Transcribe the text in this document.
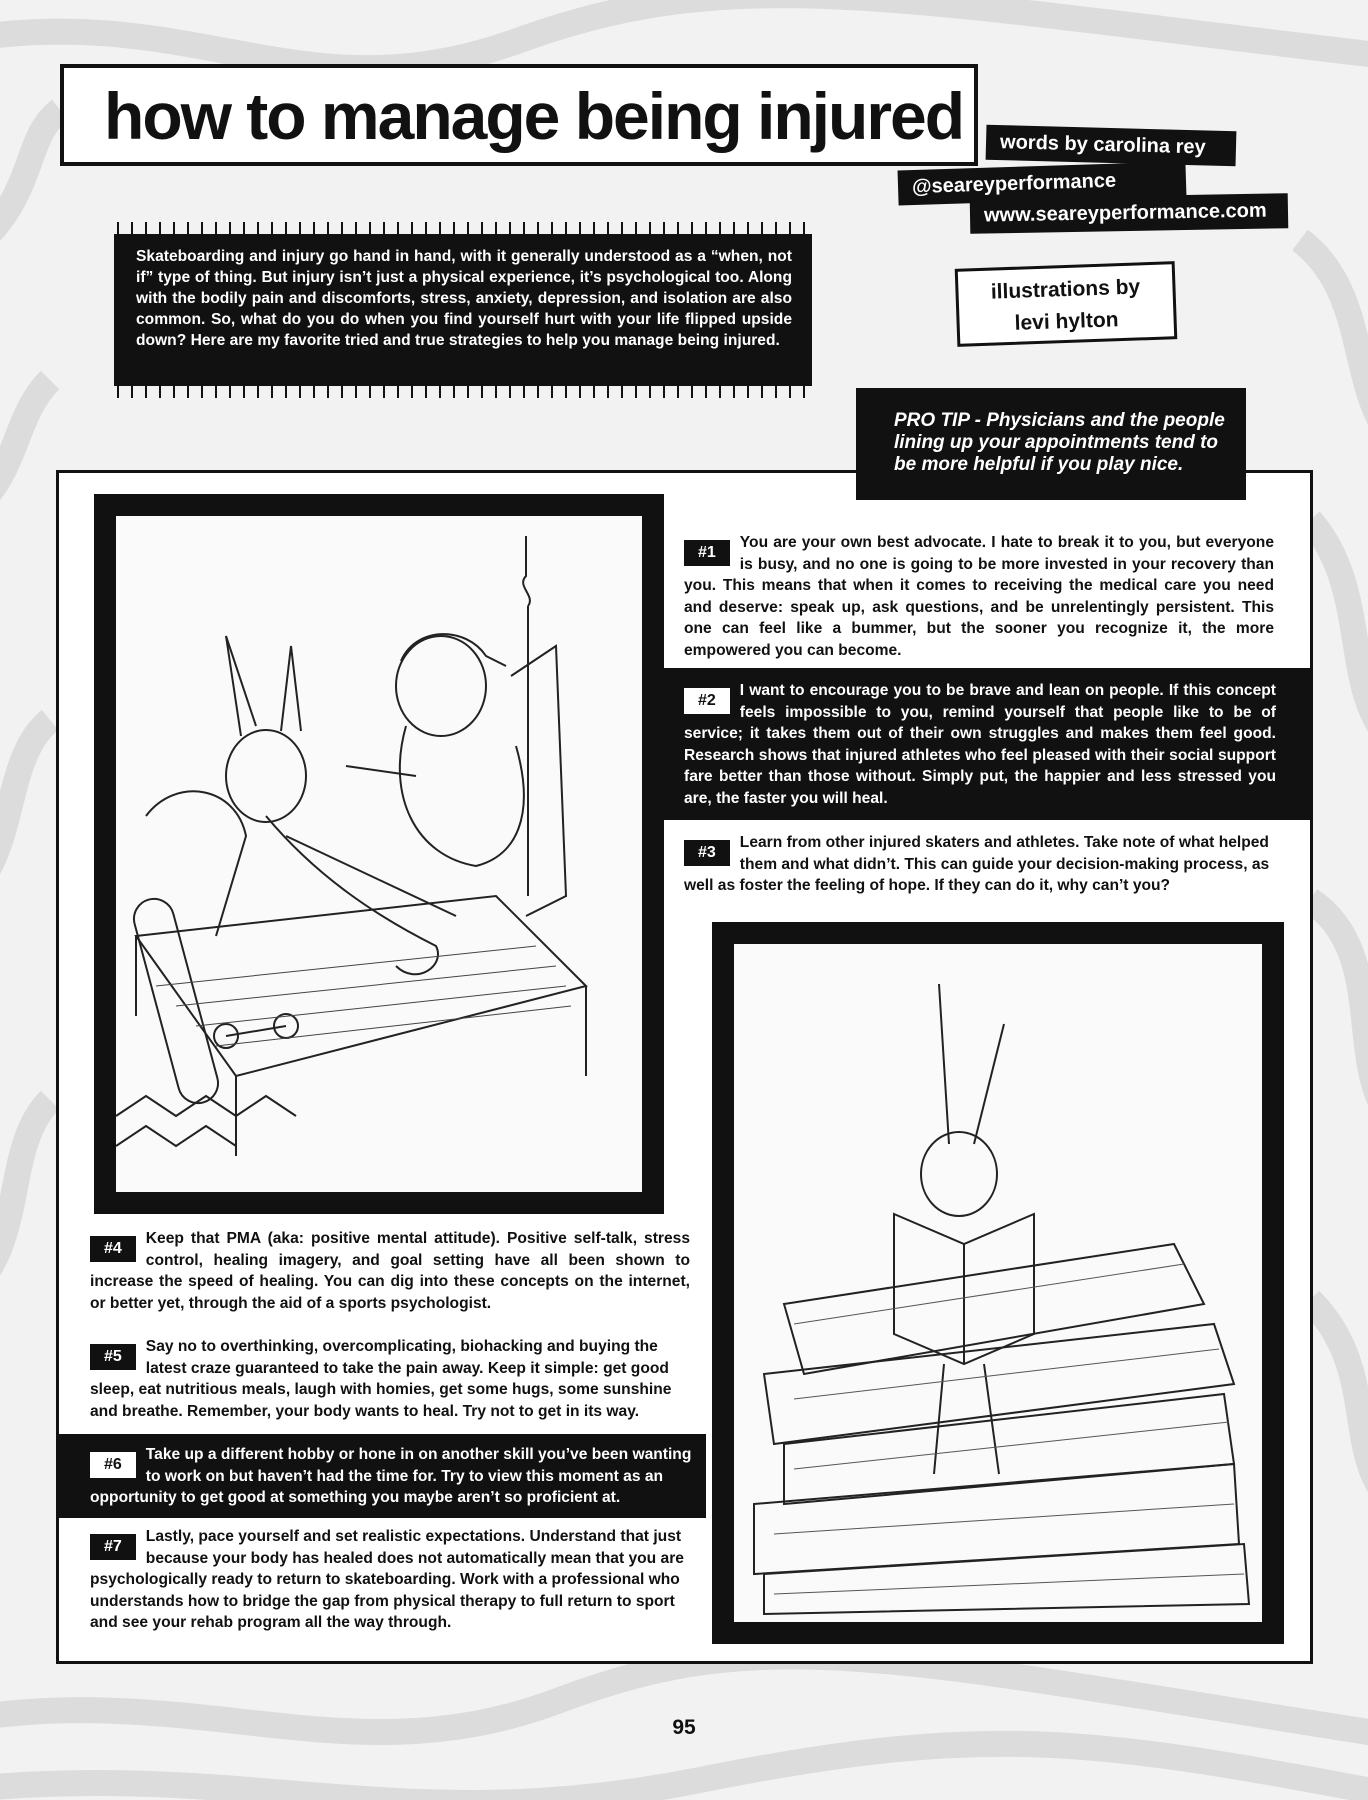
how to manage being injured	words by carolina rey
@seareyperformance
www.seareyperformance.com
illustrations by
levi hylton
Skateboarding and injury go hand in hand, with it generally understood as a “when, not if” type of thing. But injury isn’t just a physical experience, it’s psychological too. Along with the bodily pain and discomforts, stress, anxiety, depression, and isolation are also common. So, what do you do when you find yourself hurt with your life flipped upside down? Here are my favorite tried and true strategies to help you manage being injured.
PRO TIP - Physicians and the people lining up your appointments tend to be more helpful if you play nice.
#1

You are your own best advocate. I hate to break it to you, but everyone is busy, and no one is going to be more invested in your recovery than you. This means that when it comes to receiving the medical care you need and deserve: speak up, ask questions, and be unrelentingly persistent. This one can feel like a bummer, but the sooner you recognize it, the more empowered you can become.

#2

I want to encourage you to be brave and lean on people. If this concept feels impossible to you, remind yourself that people like to be of service; it takes them out of their own struggles and makes them feel good. Research shows that injured athletes who feel pleased with their social support fare better than those without. Simply put, the happier and less stressed you are, the faster you will heal.

#3

Learn from other injured skaters and athletes. Take note of what helped them and what didn’t. This can guide your decision-making process, as well as foster the feeling of hope. If they can do it, why can’t you?

#4

Keep that PMA (aka: positive mental attitude). Positive self-talk, stress control, healing imagery, and goal setting have all been shown to increase the speed of healing. You can dig into these concepts on the internet, or better yet, through the aid of a sports psychologist.

#5

Say no to overthinking, overcomplicating, biohacking and buying the latest craze guaranteed to take the pain away. Keep it simple: get good sleep, eat nutritious meals, laugh with homies, get some hugs, some sunshine and breathe. Remember, your body wants to heal. Try not to get in its way.

#6

Take up a different hobby or hone in on another skill you’ve been wanting to work on but haven’t had the time for. Try to view this moment as an opportunity to get good at something you maybe aren’t so proficient at.

#7

Lastly, pace yourself and set realistic expectations. Understand that just because your body has healed does not automatically mean that you are psychologically ready to return to skateboarding. Work with a professional who understands how to bridge the gap from physical therapy to full return to sport and see your rehab program all the way through.

95
